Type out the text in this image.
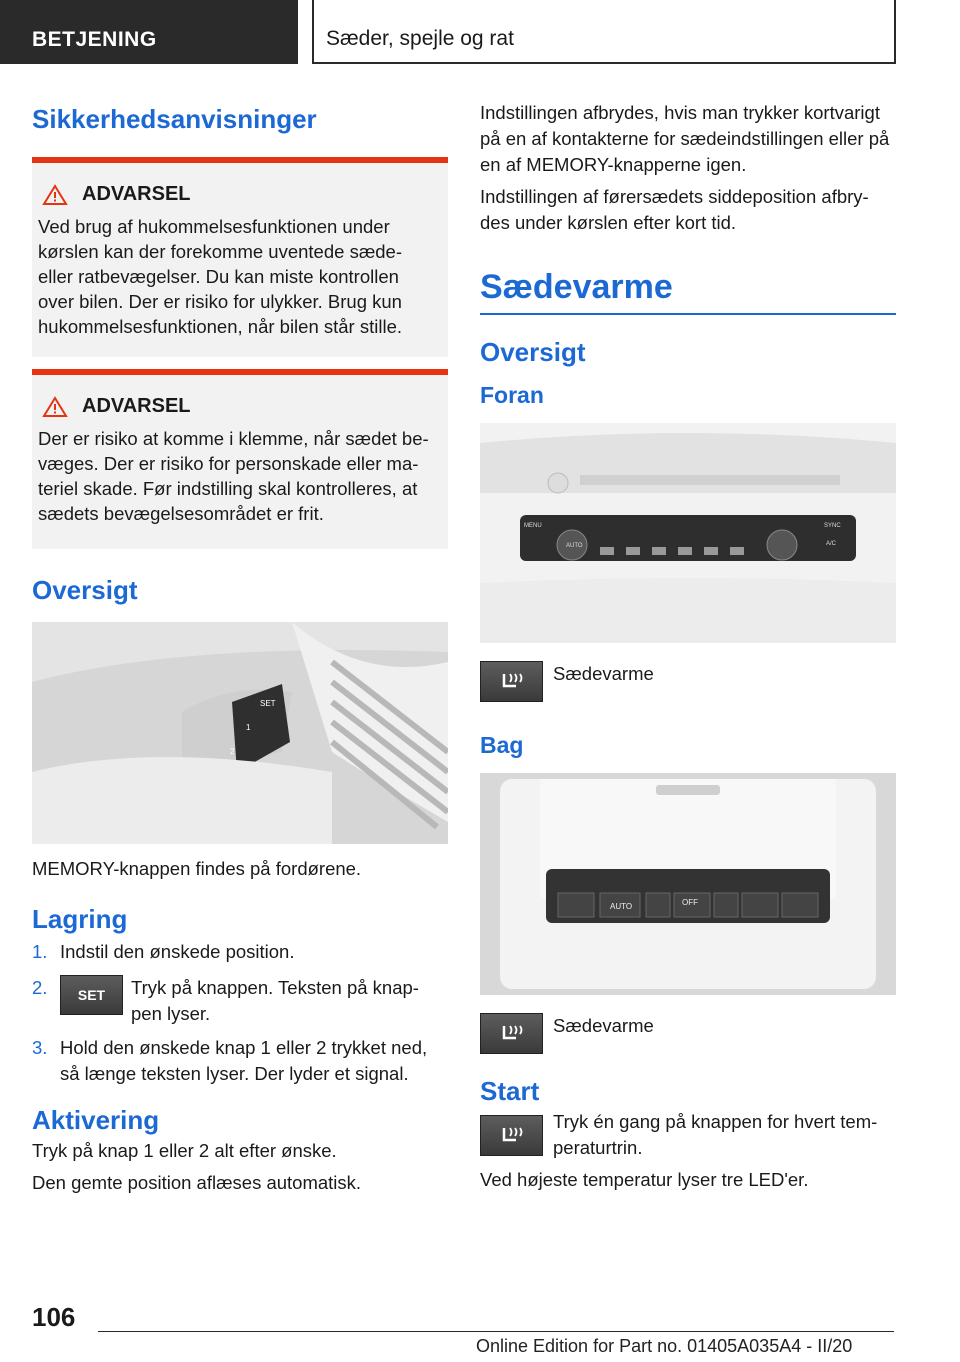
BETJENING	Sæder, spejle og rat
Sikkerhedsanvisninger
ADVARSEL

Ved brug af hukommelsesfunktionen under kørslen kan der forekomme uventede sæde- eller ratbevægelser. Du kan miste kontrollen over bilen. Der er risiko for ulykker. Brug kun hukommelsesfunktionen, når bilen står stille.

ADVARSEL

Der er risiko at komme i klemme, når sædet be- væges. Der er risiko for personskade eller ma- teriel skade. Før indstilling skal kontrolleres, at sædets bevægelsesområdet er frit.

Oversigt
SET
1
2
MEMORY-knappen findes på fordørene.
Lagring
1. Indstil den ønskede position.
2.	SET Tryk på knappen. Teksten på knap- pen lyser.
3. Hold den ønskede knap 1 eller 2 trykket ned, så længe teksten lyser. Der lyder et signal.
Aktivering
Tryk på knap 1 eller 2 alt efter ønske.
Den gemte position aflæses automatisk.
Indstillingen afbrydes, hvis man trykker kortvarigt på en af kontakterne for sædeindstillingen eller på en af MEMORY-knapperne igen.
Indstillingen af førersædets siddeposition afbry- des under kørslen efter kort tid.
Sædevarme
Oversigt
Foran
MENU
AUTO
SYNC
A/C
Sædevarme
Bag
AUTO	OFF
Sædevarme
Start
Tryk én gang på knappen for hvert tem- peraturtrin.
Ved højeste temperatur lyser tre LED'er.
106
Online Edition for Part no. 01405A035A4 - II/20
